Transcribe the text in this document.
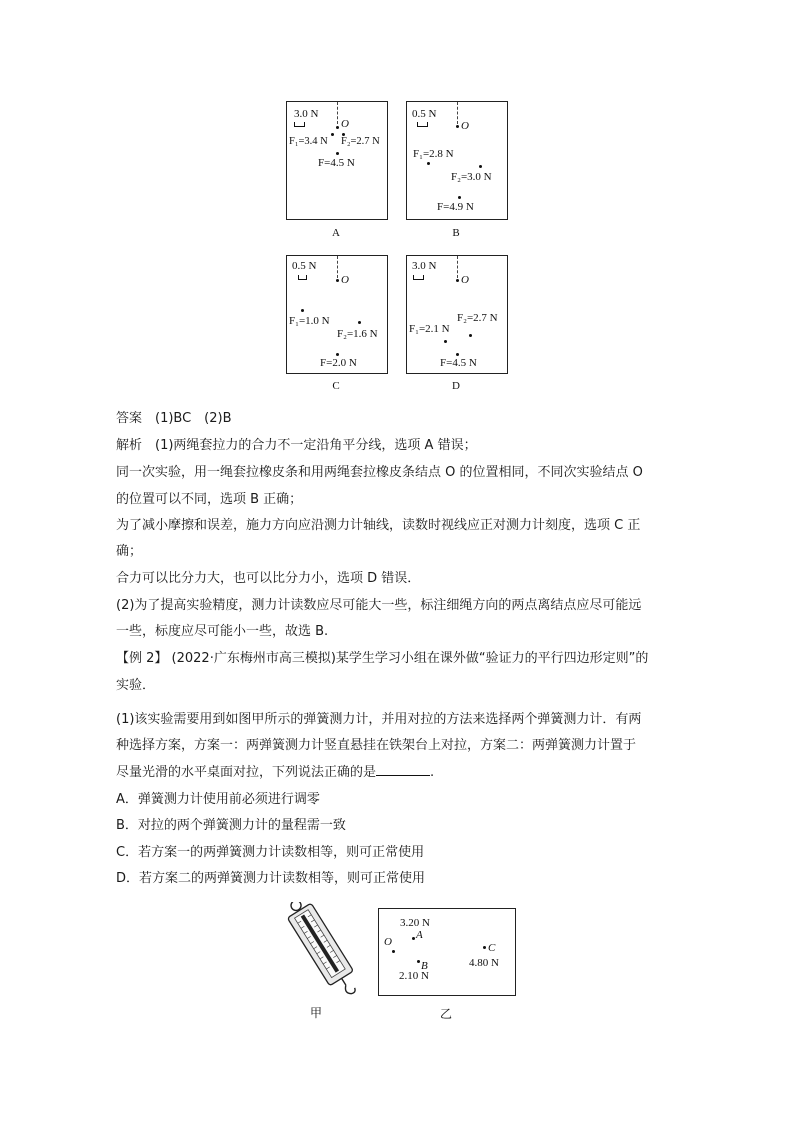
3.0 N
O
F₁=3.4 N F₂=2.7 N
F=4.5 N
A
0.5 N
O
F₁=2.8 N
F₂=3.0 N
F=4.9 N
B
0.5 N
O
F₁=1.0 N
F₂=1.6 N
F=2.0 N
C
3.0 N
O
F₂=2.7 N
F₁=2.1 N
F=4.5 N
D
答案　(1)BC　(2)B
解析　(1)两绳套拉力的合力不一定沿角平分线，选项 A 错误；
同一次实验，用一绳套拉橡皮条和用两绳套拉橡皮条结点 O 的位置相同，不同次实验结点 O
的位置可以不同，选项 B 正确；
为了减小摩擦和误差，施力方向应沿测力计轴线，读数时视线应正对测力计刻度，选项 C 正
确；
合力可以比分力大，也可以比分力小，选项 D 错误．
(2)为了提高实验精度，测力计读数应尽可能大一些，标注细绳方向的两点离结点应尽可能远
一些，标度应尽可能小一些，故选 B.
【例 2】 (2022·广东梅州市高三模拟)某学生学习小组在课外做“验证力的平行四边形定则”的
实验．
(1)该实验需要用到如图甲所示的弹簧测力计，并用对拉的方法来选择两个弹簧测力计．有两
种选择方案，方案一：两弹簧测力计竖直悬挂在铁架台上对拉，方案二：两弹簧测力计置于
尽量光滑的水平桌面对拉，下列说法正确的是	.
A．弹簧测力计使用前必须进行调零
B．对拉的两个弹簧测力计的量程需一致
C．若方案一的两弹簧测力计读数相等，则可正常使用
D．若方案二的两弹簧测力计读数相等，则可正常使用
甲
3.20 N
A
O	C
4.80 N
B
2.10 N
乙
